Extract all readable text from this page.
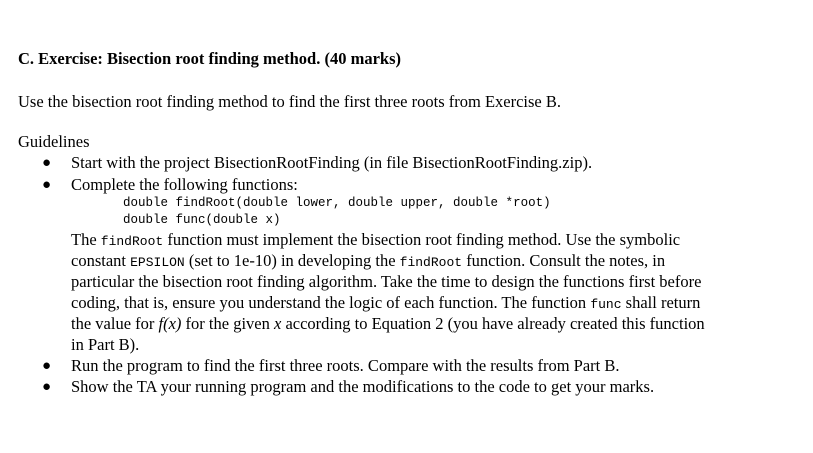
C. Exercise: Bisection root finding method. (40 marks)
Use the bisection root finding method to find the first three roots from Exercise B.
Guidelines
● Start with the project BisectionRootFinding (in file BisectionRootFinding.zip).
● Complete the following functions:
double findRoot(double lower, double upper, double *root)
double func(double x)
The findRoot function must implement the bisection root finding method. Use the symbolic
constant EPSILON (set to 1e-10) in developing the findRoot function. Consult the notes, in
particular the bisection root finding algorithm. Take the time to design the functions first before
coding, that is, ensure you understand the logic of each function. The function func shall return
the value for f(x) for the given x according to Equation 2 (you have already created this function
in Part B).
● Run the program to find the first three roots. Compare with the results from Part B.
● Show the TA your running program and the modifications to the code to get your marks.
